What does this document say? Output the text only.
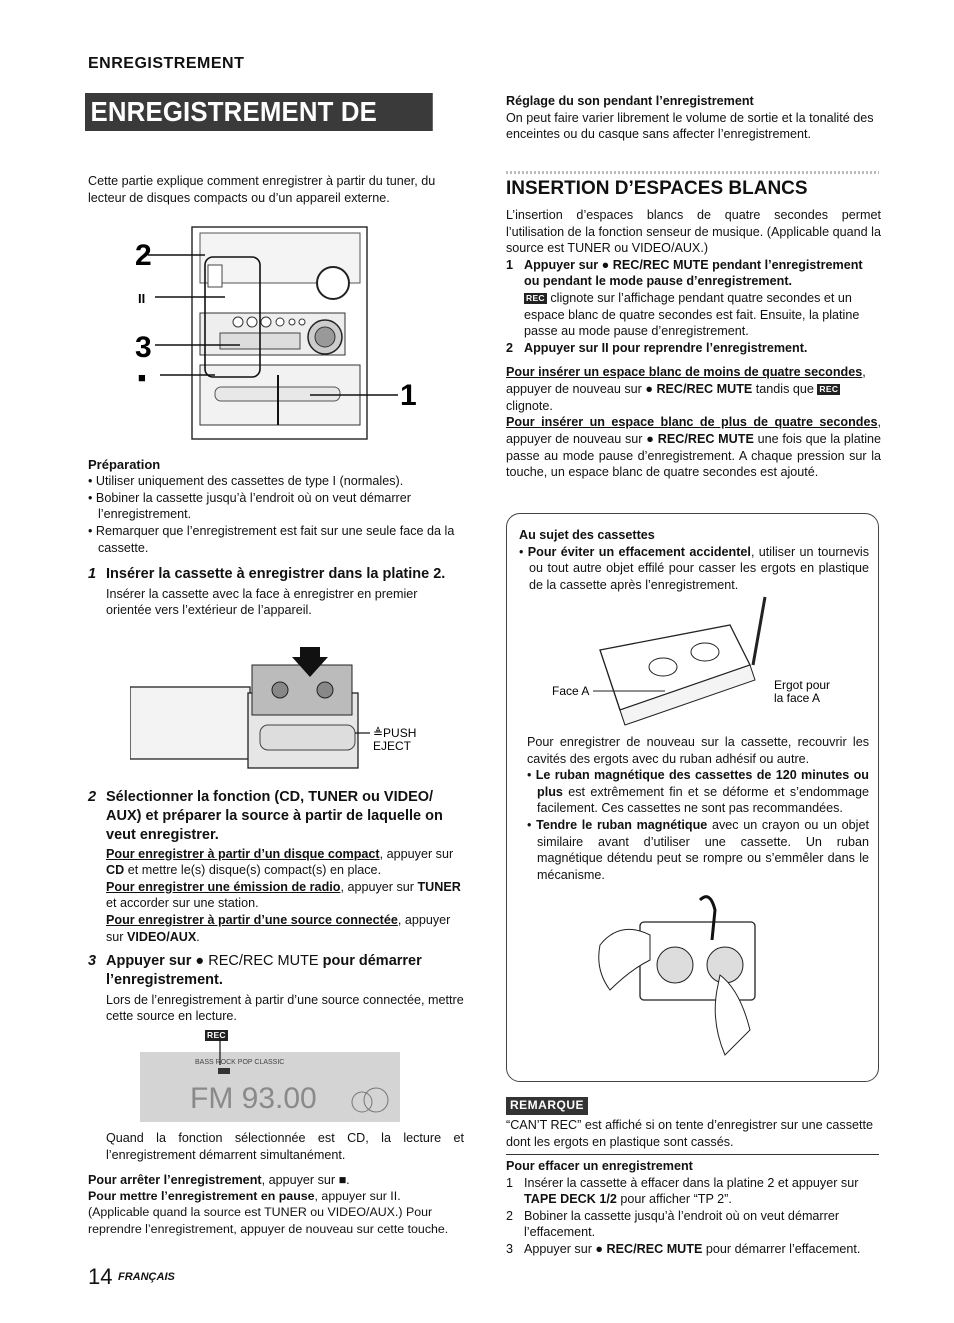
ENREGISTREMENT
ENREGISTREMENT DE BASE

Cette partie explique comment enregistrer à partir du tuner, du lecteur de disques compacts ou d’un appareil externe.

2
II
3
■
1

Préparation

• Utiliser uniquement des cassettes de type I (normales).

• Bobiner la cassette jusqu’à l’endroit où on veut démarrer l’enregistrement.

• Remarquer que l’enregistrement est fait sur une seule face da la cassette.

1 Insérer la cassette à enregistrer dans la platine 2.

Insérer la cassette avec la face à enregistrer en premier orientée vers l’extérieur de l’appareil.

≜PUSH
EJECT

2 Sélectionner la fonction (CD, TUNER ou VIDEO/ AUX) et préparer la source à partir de laquelle on veut enregistrer.

Pour enregistrer à partir d’un disque compact, appuyer sur CD et mettre le(s) disque(s) compact(s) en place.

Pour enregistrer une émission de radio, appuyer sur TUNER et accorder sur une station.

Pour enregistrer à partir d’une source connectée, appuyer sur VIDEO/AUX.

3 Appuyer sur ● REC/REC MUTE pour démarrer l’enregistrement.

Lors de l’enregistrement à partir d’une source connectée, mettre cette source en lecture.

REC
BASS ROCK POP CLASSIC
FM 93.00

Quand la fonction sélectionnée est CD, la lecture et l’enregistrement démarrent simultanément.

Pour arrêter l’enregistrement, appuyer sur ■.

Pour mettre l’enregistrement en pause, appuyer sur II. (Applicable quand la source est TUNER ou VIDEO/AUX.) Pour reprendre l’enregistrement, appuyer de nouveau sur cette touche.

14 FRANÇAIS

Réglage du son pendant l’enregistrement

On peut faire varier librement le volume de sortie et la tonalité des enceintes ou du casque sans affecter l’enregistrement.

INSERTION D’ESPACES BLANCS

L’insertion d’espaces blancs de quatre secondes permet l’utilisation de la fonction senseur de musique. (Applicable quand la source est TUNER ou VIDEO/AUX.)

1 Appuyer sur ● REC/REC MUTE pendant l’enregistrement ou pendant le mode pause d’enregistrement.

REC clignote sur l’affichage pendant quatre secondes et un espace blanc de quatre secondes est fait. Ensuite, la platine passe au mode pause d’enregistrement.

2 Appuyer sur II pour reprendre l’enregistrement.

Pour insérer un espace blanc de moins de quatre secondes, appuyer de nouveau sur ● REC/REC MUTE tandis que REC clignote.

Pour insérer un espace blanc de plus de quatre secondes, appuyer de nouveau sur ● REC/REC MUTE une fois que la platine passe au mode pause d’enregistrement. A chaque pression sur la touche, un espace blanc de quatre secondes est ajouté.

Au sujet des cassettes

• Pour éviter un effacement accidentel, utiliser un tournevis ou tout autre objet effilé pour casser les ergots en plastique de la cassette après l’enregistrement.

Face A	Ergot pour
la face A

Pour enregistrer de nouveau sur la cassette, recouvrir les cavités des ergots avec du ruban adhésif ou autre.

• Le ruban magnétique des cassettes de 120 minutes ou plus est extrêmement fin et se déforme et s’endommage facilement. Ces cassettes ne sont pas recommandées.

• Tendre le ruban magnétique avec un crayon ou un objet similaire avant d’utiliser une cassette. Un ruban magnétique détendu peut se rompre ou s’emmêler dans le mécanisme.

REMARQUE

“CAN’T REC” est affiché si on tente d’enregistrer sur une cassette dont les ergots en plastique sont cassés.

Pour effacer un enregistrement

1 Insérer la cassette à effacer dans la platine 2 et appuyer sur TAPE DECK 1/2 pour afficher “TP 2”.

2 Bobiner la cassette jusqu’à l’endroit où on veut démarrer l’effacement.

3 Appuyer sur ● REC/REC MUTE pour démarrer l’effacement.
